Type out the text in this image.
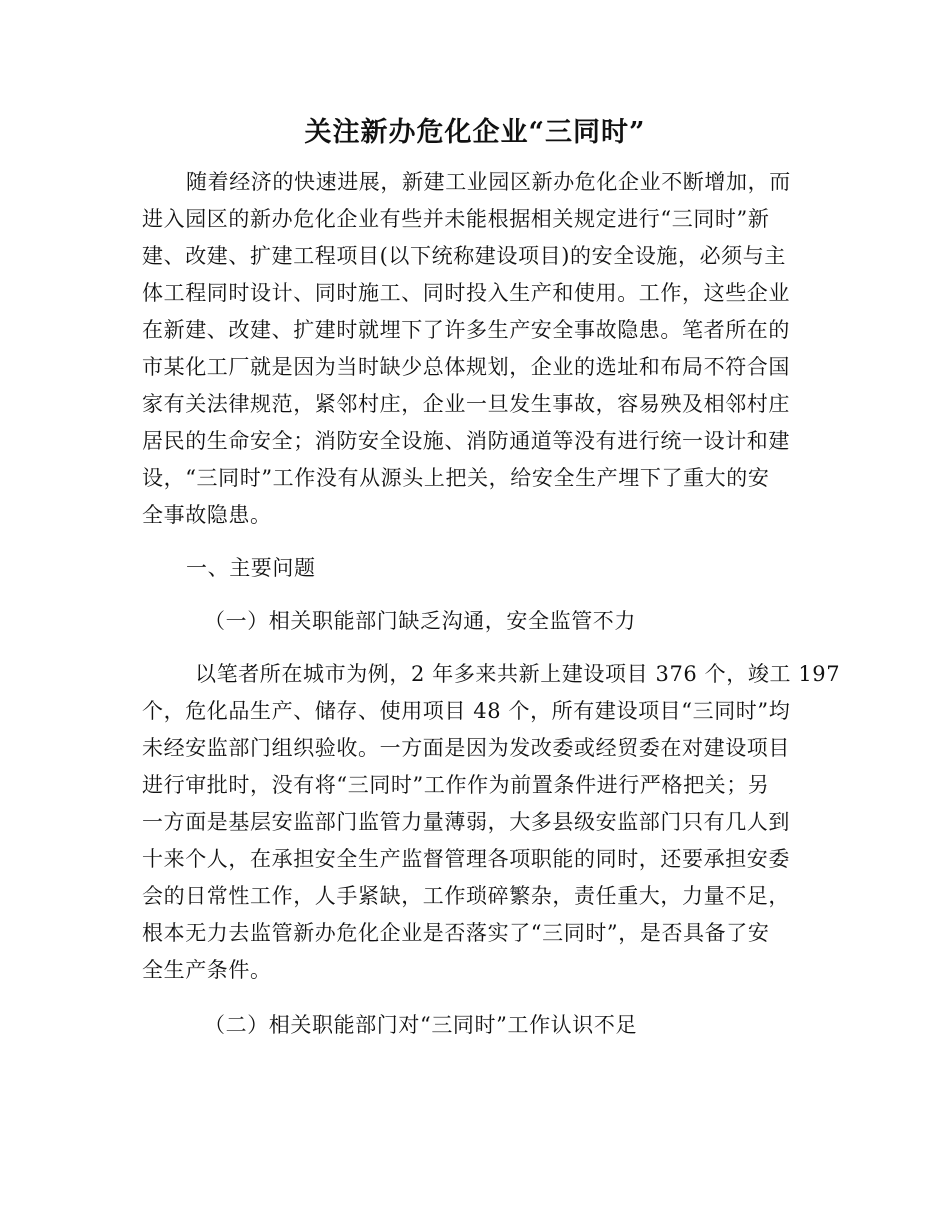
关注新办危化企业“三同时”
随着经济的快速进展，新建工业园区新办危化企业不断增加，而
进入园区的新办危化企业有些并未能根据相关规定进行“三同时”新
建、改建、扩建工程项目(以下统称建设项目)的安全设施，必须与主
体工程同时设计、同时施工、同时投入生产和使用。工作，这些企业
在新建、改建、扩建时就埋下了许多生产安全事故隐患。笔者所在的
市某化工厂就是因为当时缺少总体规划，企业的选址和布局不符合国
家有关法律规范，紧邻村庄，企业一旦发生事故，容易殃及相邻村庄
居民的生命安全；消防安全设施、消防通道等没有进行统一设计和建
设，“三同时”工作没有从源头上把关，给安全生产埋下了重大的安
全事故隐患。
一、主要问题
（一）相关职能部门缺乏沟通，安全监管不力
以笔者所在城市为例，2 年多来共新上建设项目 376 个，竣工 197
个，危化品生产、储存、使用项目 48 个，所有建设项目“三同时”均
未经安监部门组织验收。一方面是因为发改委或经贸委在对建设项目
进行审批时，没有将“三同时”工作作为前置条件进行严格把关；另
一方面是基层安监部门监管力量薄弱，大多县级安监部门只有几人到
十来个人，在承担安全生产监督管理各项职能的同时，还要承担安委
会的日常性工作，人手紧缺，工作琐碎繁杂，责任重大，力量不足，
根本无力去监管新办危化企业是否落实了“三同时”，是否具备了安
全生产条件。
（二）相关职能部门对“三同时”工作认识不足
